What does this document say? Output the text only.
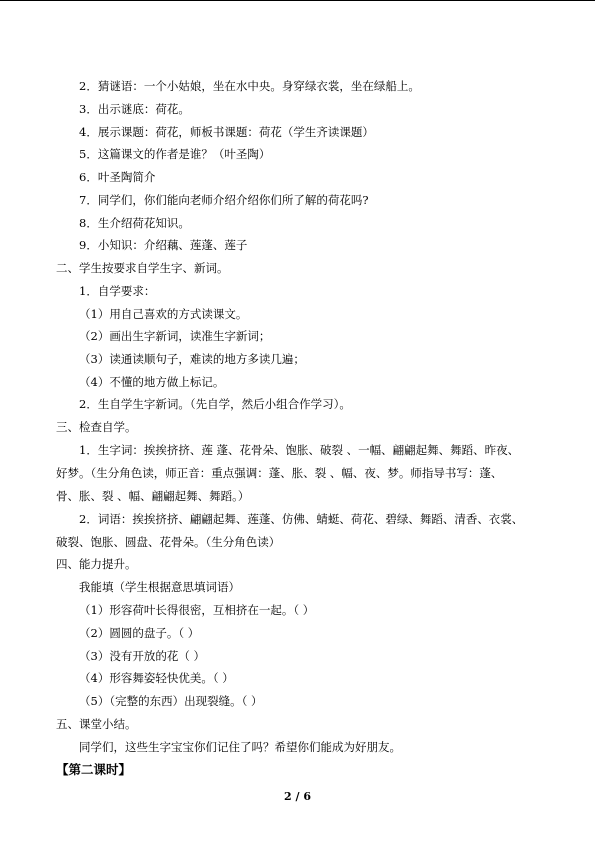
2．猜谜语：一个小姑娘，坐在水中央。身穿绿衣裳，坐在绿船上。
3．出示谜底：荷花。
4．展示课题：荷花，师板书课题：荷花（学生齐读课题）
5．这篇课文的作者是谁？（叶圣陶）
6．叶圣陶简介
7．同学们，你们能向老师介绍介绍你们所了解的荷花吗?
8．生介绍荷花知识。
9．小知识：介绍藕、莲蓬、莲子
二、学生按要求自学生字、新词。
1．自学要求：
（1）用自己喜欢的方式读课文。
（2）画出生字新词，读准生字新词；
（3）读通读顺句子，难读的地方多读几遍；
（4）不懂的地方做上标记。
2．生自学生字新词。（先自学，然后小组合作学习）。
三、检查自学。
1．生字词：挨挨挤挤、莲 蓬、花骨朵、饱胀、破裂 、一幅、翩翩起舞、舞蹈、昨夜、
好梦。（生分角色读，师正音：重点强调：蓬、胀、裂 、幅、夜、梦。师指导书写：蓬、
骨、胀、裂 、幅、翩翩起舞、舞蹈。）
2．词语：挨挨挤挤、翩翩起舞、莲蓬、仿佛、蜻蜓、荷花、碧绿、舞蹈、清香、衣裳、
破裂、饱胀、圆盘、花骨朵。（生分角色读）
四、能力提升。
我能填（学生根据意思填词语）
（1）形容荷叶长得很密，互相挤在一起。（ ）
（2）圆圆的盘子。（ ）
（3）没有开放的花（ ）
（4）形容舞姿轻快优美。（ ）
（5）（完整的东西）出现裂缝。（ ）
五、课堂小结。
同学们，这些生字宝宝你们记住了吗？希望你们能成为好朋友。
【第二课时】
2 / 6
